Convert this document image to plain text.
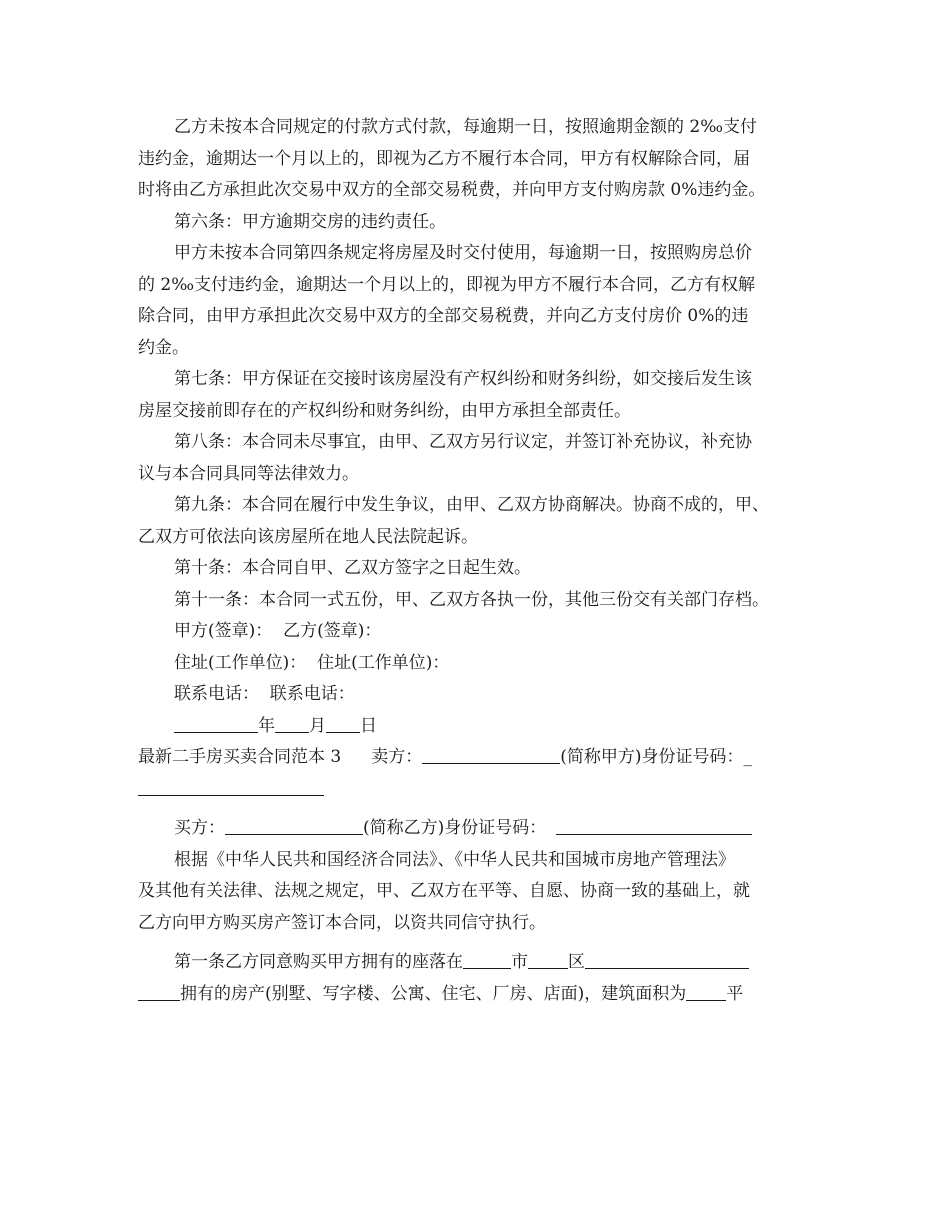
乙方未按本合同规定的付款方式付款，每逾期一日，按照逾期金额的 2‰支付
违约金，逾期达一个月以上的，即视为乙方不履行本合同，甲方有权解除合同，届
时将由乙方承担此次交易中双方的全部交易税费，并向甲方支付购房款 0%违约金。
第六条：甲方逾期交房的违约责任。
甲方未按本合同第四条规定将房屋及时交付使用，每逾期一日，按照购房总价
的 2‰支付违约金，逾期达一个月以上的，即视为甲方不履行本合同，乙方有权解
除合同，由甲方承担此次交易中双方的全部交易税费，并向乙方支付房价 0%的违
约金。
第七条：甲方保证在交接时该房屋没有产权纠纷和财务纠纷，如交接后发生该
房屋交接前即存在的产权纠纷和财务纠纷，由甲方承担全部责任。
第八条：本合同未尽事宜，由甲、乙双方另行议定，并签订补充协议，补充协
议与本合同具同等法律效力。
第九条：本合同在履行中发生争议，由甲、乙双方协商解决。协商不成的，甲、
乙双方可依法向该房屋所在地人民法院起诉。
第十条：本合同自甲、乙双方签字之日起生效。
第十一条：本合同一式五份，甲、乙双方各执一份，其他三份交有关部门存档。
甲方(签章)：  乙方(签章)：
住址(工作单位)：  住址(工作单位)：
联系电话：  联系电话：
年 月 日
最新二手房买卖合同范本 3 卖方：	(简称甲方)身份证号码：_
买方：	(简称乙方)身份证号码：
根据《中华人民共和国经济合同法》、《中华人民共和国城市房地产管理法》
及其他有关法律、法规之规定，甲、乙双方在平等、自愿、协商一致的基础上，就
乙方向甲方购买房产签订本合同，以资共同信守执行。
第一条乙方同意购买甲方拥有的座落在	市 区
拥有的房产(别墅、写字楼、公寓、住宅、厂房、店面)，建筑面积为 平
